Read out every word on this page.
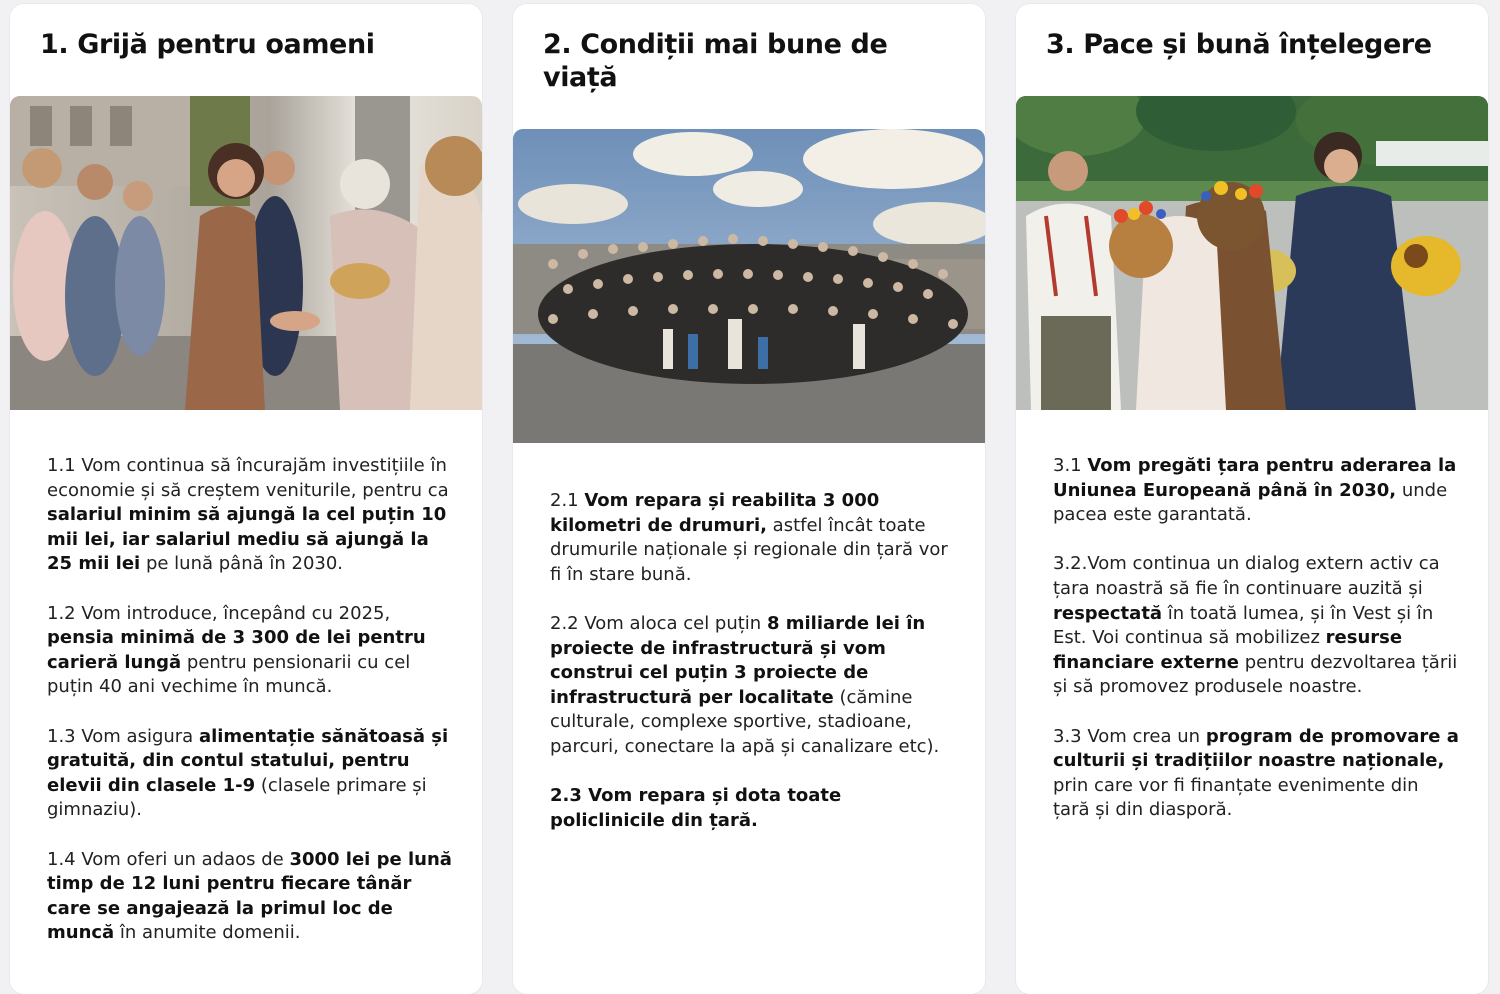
1. Grijă pentru oameni

1.1 Vom continua să încurajăm investițiile în economie și să creștem veniturile, pentru ca salariul minim să ajungă la cel puțin 10 mii lei, iar salariul mediu să ajungă la 25 mii lei pe lună până în 2030.

1.2 Vom introduce, începând cu 2025, pensia minimă de 3 300 de lei pentru carieră lungă pentru pensionarii cu cel puțin 40 ani vechime în muncă.

1.3 Vom asigura alimentație sănătoasă și gratuită, din contul statului, pentru elevii din clasele 1-9 (clasele primare și gimnaziu).

1.4 Vom oferi un adaos de 3000 lei pe lună timp de 12 luni pentru fiecare tânăr care se angajează la primul loc de muncă în anumite domenii.

2. Condiții mai bune de viață

2.1 Vom repara și reabilita 3 000 kilometri de drumuri, astfel încât toate drumurile naționale și regionale din țară vor fi în stare bună.

2.2 Vom aloca cel puțin 8 miliarde lei în proiecte de infrastructură și vom construi cel puțin 3 proiecte de infrastructură per localitate (cămine culturale, complexe sportive, stadioane, parcuri, conectare la apă și canalizare etc).

2.3 Vom repara și dota toate policlinicile din țară.

3. Pace și bună înțelegere

3.1 Vom pregăti țara pentru aderarea la Uniunea Europeană până în 2030, unde pacea este garantată.

3.2.Vom continua un dialog extern activ ca țara noastră să fie în continuare auzită și respectată în toată lumea, și în Vest și în Est. Voi continua să mobilizez resurse financiare externe pentru dezvoltarea țării și să promovez produsele noastre.

3.3 Vom crea un program de promovare a culturii și tradițiilor noastre naționale, prin care vor fi finanțate evenimente din țară și din diasporă.
